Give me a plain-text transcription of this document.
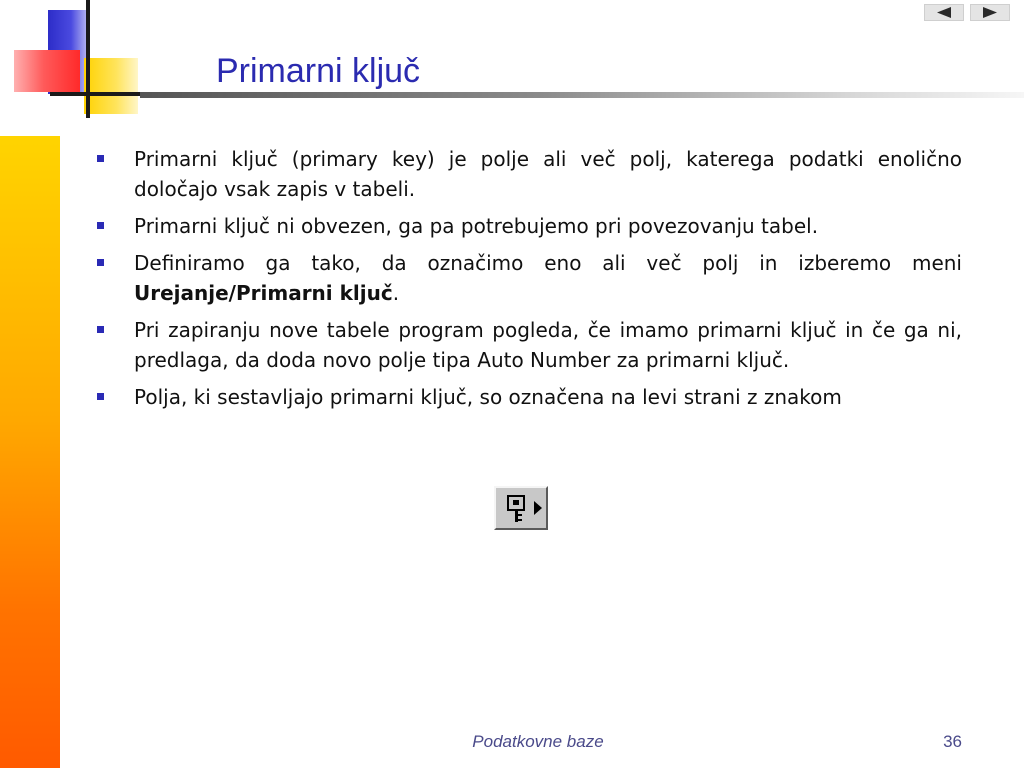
Primarni ključ
Primarni ključ (primary key) je polje ali več polj, katerega podatki enolično določajo vsak zapis v tabeli.
Primarni ključ ni obvezen, ga pa potrebujemo pri povezovanju tabel.
Definiramo ga tako, da označimo eno ali več polj in izberemo meni Urejanje/Primarni ključ.
Pri zapiranju nove tabele program pogleda, če imamo primarni ključ in če ga ni, predlaga, da doda novo polje tipa Auto Number za primarni ključ.
Polja, ki sestavljajo primarni ključ, so označena na levi strani z znakom
Podatkovne baze	36
